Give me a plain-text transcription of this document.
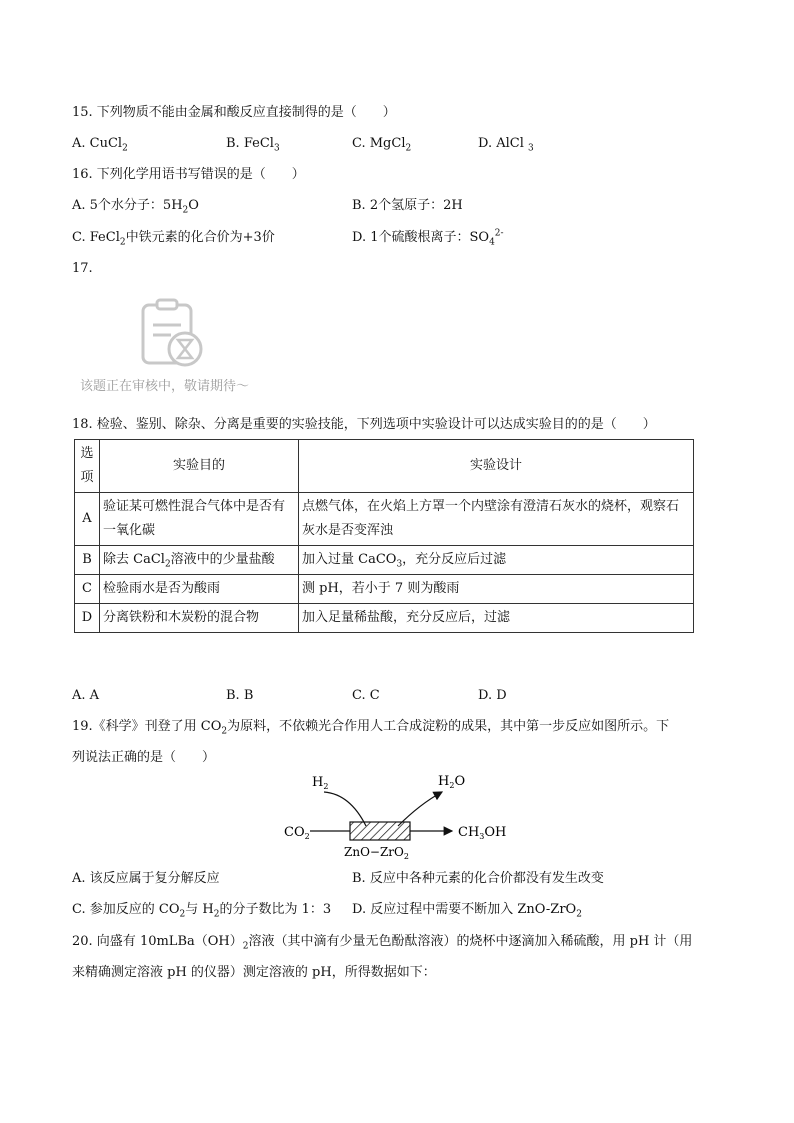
15. 下列物质不能由金属和酸反应直接制得的是（　　）
A. CuCl$_2$	B. FeCl$_3$	C. MgCl$_2$	D. AlCl $_3$
16. 下列化学用语书写错误的是（　　）
A. 5个水分子：$5H_2O$	B. 2个氢原子：2H
C. FeCl$_2$中铁元素的化合价为+3价	D. 1个硫酸根离子：$SO_4^{2-}$
17.
该题正在审核中，敬请期待～
18. 检验、鉴别、除杂、分离是重要的实验技能，下列选项中实验设计可以达成实验目的的是（　　）
选项	实验目的	实验设计
A	验证某可燃性混合气体中是否有一氧化碳	点燃气体，在火焰上方罩一个内壁涂有澄清石灰水的烧杯，观察石灰水是否变浑浊
B	除去 CaCl$_2$溶液中的少量盐酸	加入过量 CaCO$_3$，充分反应后过滤
C	检验雨水是否为酸雨	测 pH，若小于 7 则为酸雨
D	分离铁粉和木炭粉的混合物	加入足量稀盐酸，充分反应后，过滤
A. A	B. B	C. C	D. D
19.《科学》刊登了用 $CO_2$为原料，不依赖光合作用人工合成淀粉的成果，其中第一步反应如图所示。下
列说法正确的是（　　）
$H_2$	$H_2O$
$CO_2$	$CH_3OH$
ZnO−ZrO$_2$
A. 该反应属于复分解反应	B. 反应中各种元素的化合价都没有发生改变
C. 参加反应的 $CO_2$与 $H_2$的分子数比为 1：3 D. 反应过程中需要不断加入 ZnO-ZrO$_2$
20. 向盛有 $10mLBa(OH)_2$溶液（其中滴有少量无色酚酞溶液）的烧杯中逐滴加入稀硫酸，用 pH 计（用
来精确测定溶液 pH 的仪器）测定溶液的 pH，所得数据如下：
